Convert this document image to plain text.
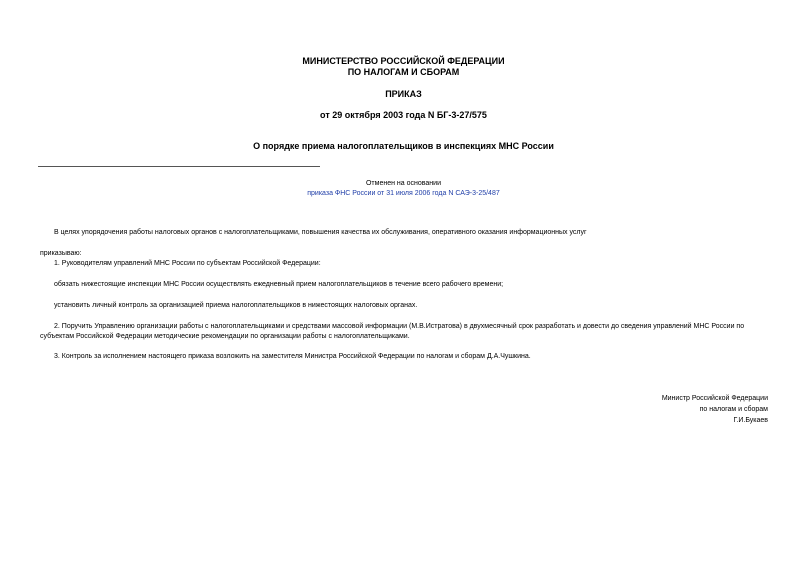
МИНИСТЕРСТВО РОССИЙСКОЙ ФЕДЕРАЦИИ
ПО НАЛОГАМ И СБОРАМ
ПРИКАЗ
от 29 октября 2003 года N БГ-3-27/575
О порядке приема налогоплательщиков в инспекциях МНС России
Отменен на основании
приказа ФНС России от 31 июля 2006 года N САЭ-3-25/487
В целях упорядочения работы налоговых органов с налогоплательщиками, повышения качества их обслуживания, оперативного оказания информационных услуг
приказываю:
1. Руководителям управлений МНС России по субъектам Российской Федерации:
обязать нижестоящие инспекции МНС России осуществлять ежедневный прием налогоплательщиков в течение всего рабочего времени;
установить личный контроль за организацией приема налогоплательщиков в нижестоящих налоговых органах.
2. Поручить Управлению организации работы с налогоплательщиками и средствами массовой информации (М.В.Истратова) в двухмесячный срок разработать и довести до сведения управлений МНС России по
субъектам Российской Федерации методические рекомендации по организации работы с налогоплательщиками.
3. Контроль за исполнением настоящего приказа возложить на заместителя Министра Российской Федерации по налогам и сборам Д.А.Чушкина.
Министр Российской Федерации
по налогам и сборам
Г.И.Букаев
